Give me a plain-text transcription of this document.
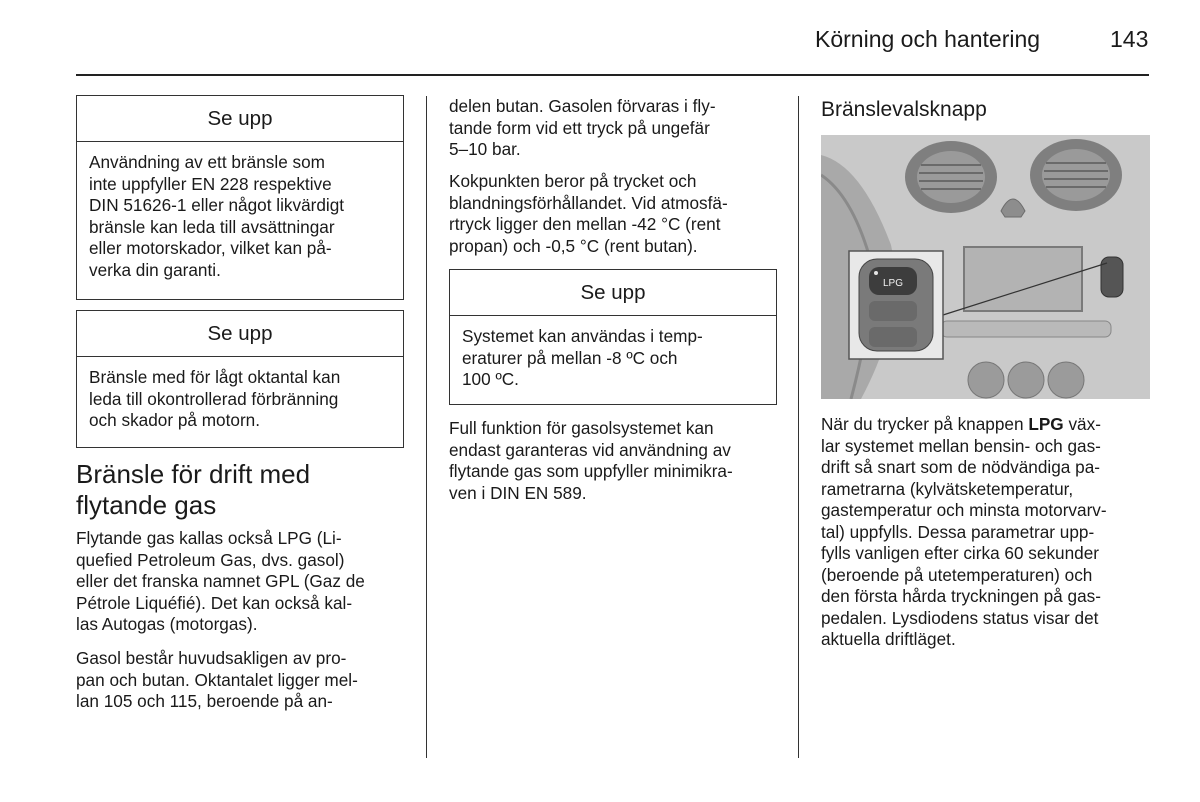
Körning och hantering	143
Se upp
Användning av ett bränsle som
inte uppfyller EN 228 respektive
DIN 51626-1 eller något likvärdigt
bränsle kan leda till avsättningar
eller motorskador, vilket kan på-
verka din garanti.
Se upp
Bränsle med för lågt oktantal kan
leda till okontrollerad förbränning
och skador på motorn.
Bränsle för drift med
flytande gas
Flytande gas kallas också LPG (Li-
quefied Petroleum Gas, dvs. gasol)
eller det franska namnet GPL (Gaz de
Pétrole Liquéfié). Det kan också kal-
las Autogas (motorgas).
Gasol består huvudsakligen av pro-
pan och butan. Oktantalet ligger mel-
lan 105 och 115, beroende på an-
delen butan. Gasolen förvaras i fly-
tande form vid ett tryck på ungefär
5–10 bar.
Kokpunkten beror på trycket och
blandningsförhållandet. Vid atmosfä-
rtryck ligger den mellan -42 °C (rent
propan) och -0,5 °C (rent butan).
Se upp
Systemet kan användas i temp-
eraturer på mellan -8 ºC och
100 ºC.
Full funktion för gasolsystemet kan
endast garanteras vid användning av
flytande gas som uppfyller minimikra-
ven i DIN EN 589.
Bränslevalsknapp
LPG
När du trycker på knappen LPG väx-
lar systemet mellan bensin- och gas-
drift så snart som de nödvändiga pa-
rametrarna (kylvätsketemperatur,
gastemperatur och minsta motorvarv-
tal) uppfylls. Dessa parametrar upp-
fylls vanligen efter cirka 60 sekunder
(beroende på utetemperaturen) och
den första hårda tryckningen på gas-
pedalen. Lysdiodens status visar det
aktuella driftläget.
